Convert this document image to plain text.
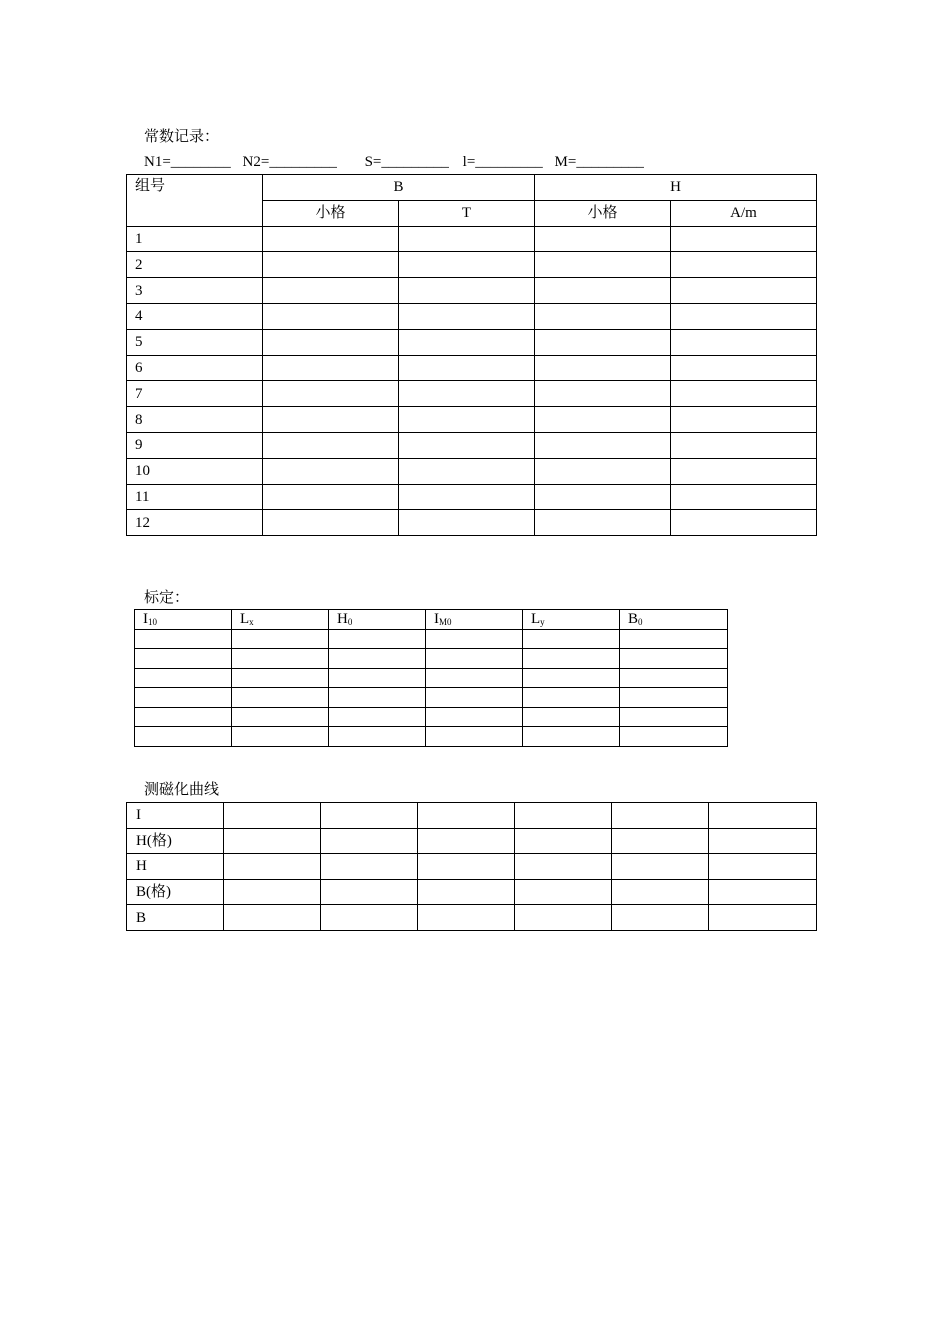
常数记录：
N1=________ N2=_________ S=_________ l=_________ M=_________
组号	B		H	
	小格	T	小格	A/m
1				
2				
3				
4				
5				
6				
7				
8				
9				
10				
11				
12				
标定：
$I_{10}$	$L_x$	$H_0$	$I_{M0}$	$L_y$	$B_0$

测磁化曲线
I						
H(格)						
H						
B(格)						
B						
